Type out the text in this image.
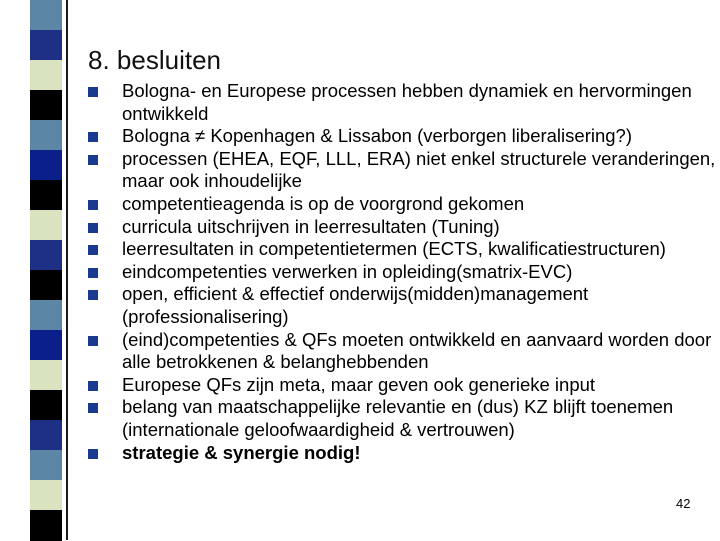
8. besluiten
Bologna- en Europese processen hebben dynamiek en hervormingen ontwikkeld
Bologna ≠ Kopenhagen & Lissabon (verborgen liberalisering?)
processen (EHEA, EQF, LLL, ERA) niet enkel structurele veranderingen, maar ook inhoudelijke
competentieagenda is op de voorgrond gekomen
curricula uitschrijven in leerresultaten (Tuning)
leerresultaten in competentietermen (ECTS, kwalificatiestructuren)
eindcompetenties verwerken in opleiding(smatrix-EVC)
open, efficient & effectief onderwijs(midden)management (professionalisering)
(eind)competenties & QFs moeten ontwikkeld en aanvaard worden door alle betrokkenen & belanghebbenden
Europese QFs zijn meta, maar geven ook generieke input
belang van maatschappelijke relevantie en (dus) KZ blijft toenemen (internationale geloofwaardigheid & vertrouwen)
strategie & synergie nodig!
42
